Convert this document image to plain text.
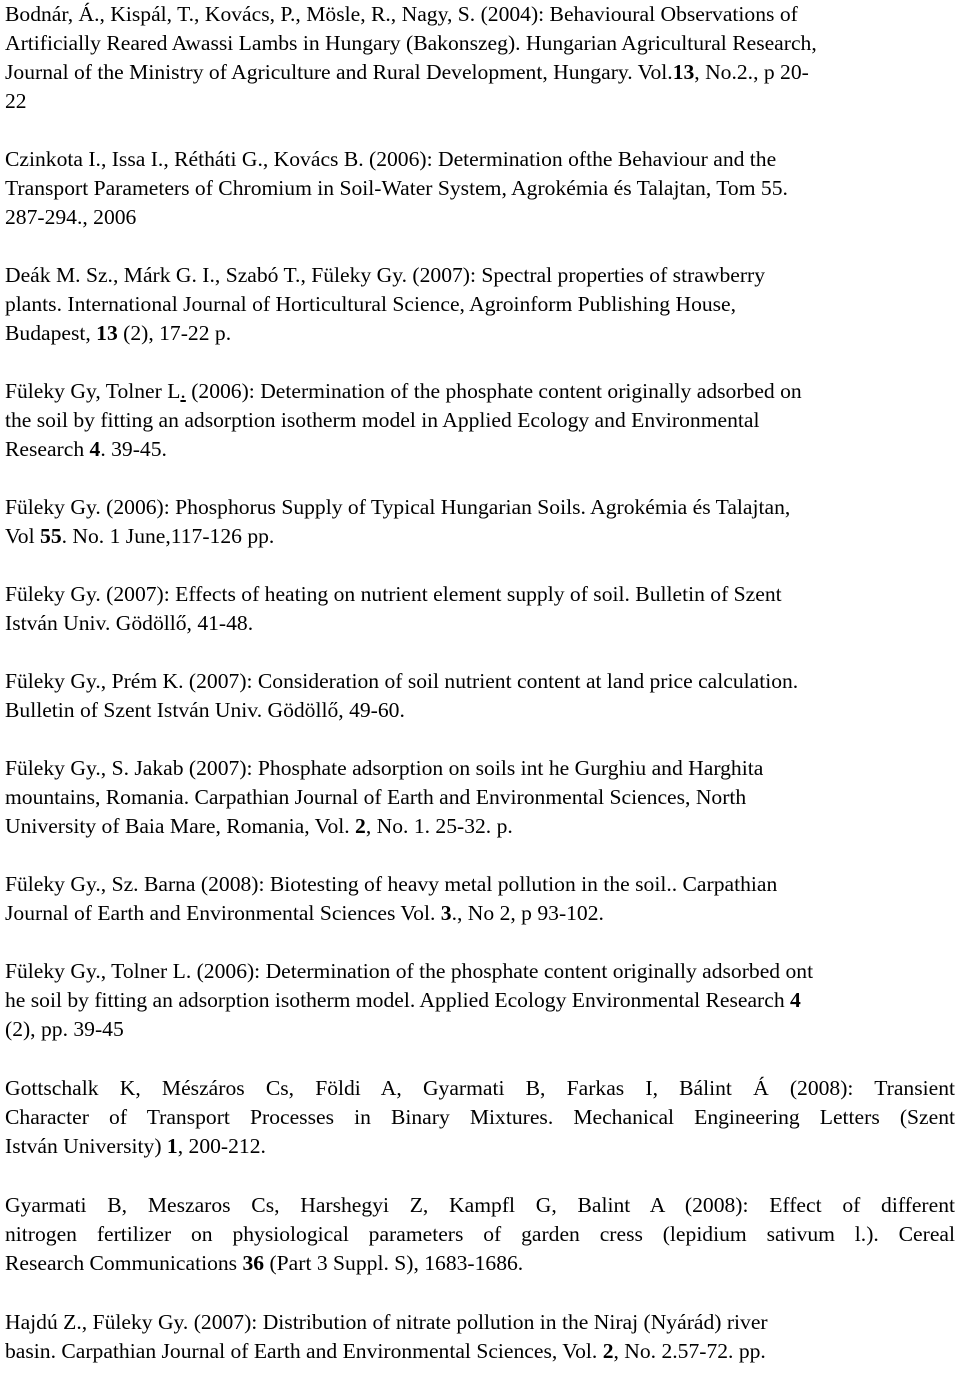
Bodnár, Á., Kispál, T., Kovács, P., Mösle, R., Nagy, S. (2004): Behavioural Observations of
Artificially Reared Awassi Lambs in Hungary (Bakonszeg). Hungarian Agricultural Research,
Journal of the Ministry of Agriculture and Rural Development, Hungary. Vol.13, No.2., p 20-
22
Czinkota I., Issa I., Rétháti G., Kovács B. (2006): Determination ofthe Behaviour and the
Transport Parameters of Chromium in Soil-Water System, Agrokémia és Talajtan, Tom 55.
287-294., 2006
Deák M. Sz., Márk G. I., Szabó T., Füleky Gy. (2007): Spectral properties of strawberry
plants. International Journal of Horticultural Science, Agroinform Publishing House,
Budapest, 13 (2), 17-22 p.
Füleky Gy, Tolner L. (2006): Determination of the phosphate content originally adsorbed on
the soil by fitting an adsorption isotherm model in Applied Ecology and Environmental
Research 4. 39-45.
Füleky Gy. (2006): Phosphorus Supply of Typical Hungarian Soils. Agrokémia és Talajtan,
Vol 55. No. 1 June,117-126 pp.
Füleky Gy. (2007): Effects of heating on nutrient element supply of soil. Bulletin of Szent
István Univ. Gödöllő, 41-48.
Füleky Gy., Prém K. (2007): Consideration of soil nutrient content at land price calculation.
Bulletin of Szent István Univ. Gödöllő, 49-60.
Füleky Gy., S. Jakab (2007): Phosphate adsorption on soils int he Gurghiu and Harghita
mountains, Romania. Carpathian Journal of Earth and Environmental Sciences, North
University of Baia Mare, Romania, Vol. 2, No. 1. 25-32. p.
Füleky Gy., Sz. Barna (2008): Biotesting of heavy metal pollution in the soil.. Carpathian
Journal of Earth and Environmental Sciences Vol. 3., No 2, p 93-102.
Füleky Gy., Tolner L. (2006): Determination of the phosphate content originally adsorbed ont
he soil by fitting an adsorption isotherm model. Applied Ecology Environmental Research 4
(2), pp. 39-45
Gottschalk K, Mészáros Cs, Földi A, Gyarmati B, Farkas I, Bálint Á (2008): Transient
Character of Transport Processes in Binary Mixtures. Mechanical Engineering Letters (Szent
István University) 1, 200-212.
Gyarmati B, Meszaros Cs, Harshegyi Z, Kampfl G, Balint A (2008): Effect of different
nitrogen fertilizer on physiological parameters of garden cress (lepidium sativum l.). Cereal
Research Communications 36 (Part 3 Suppl. S), 1683-1686.
Hajdú Z., Füleky Gy. (2007): Distribution of nitrate pollution in the Niraj (Nyárád) river
basin. Carpathian Journal of Earth and Environmental Sciences, Vol. 2, No. 2.57-72. pp.
